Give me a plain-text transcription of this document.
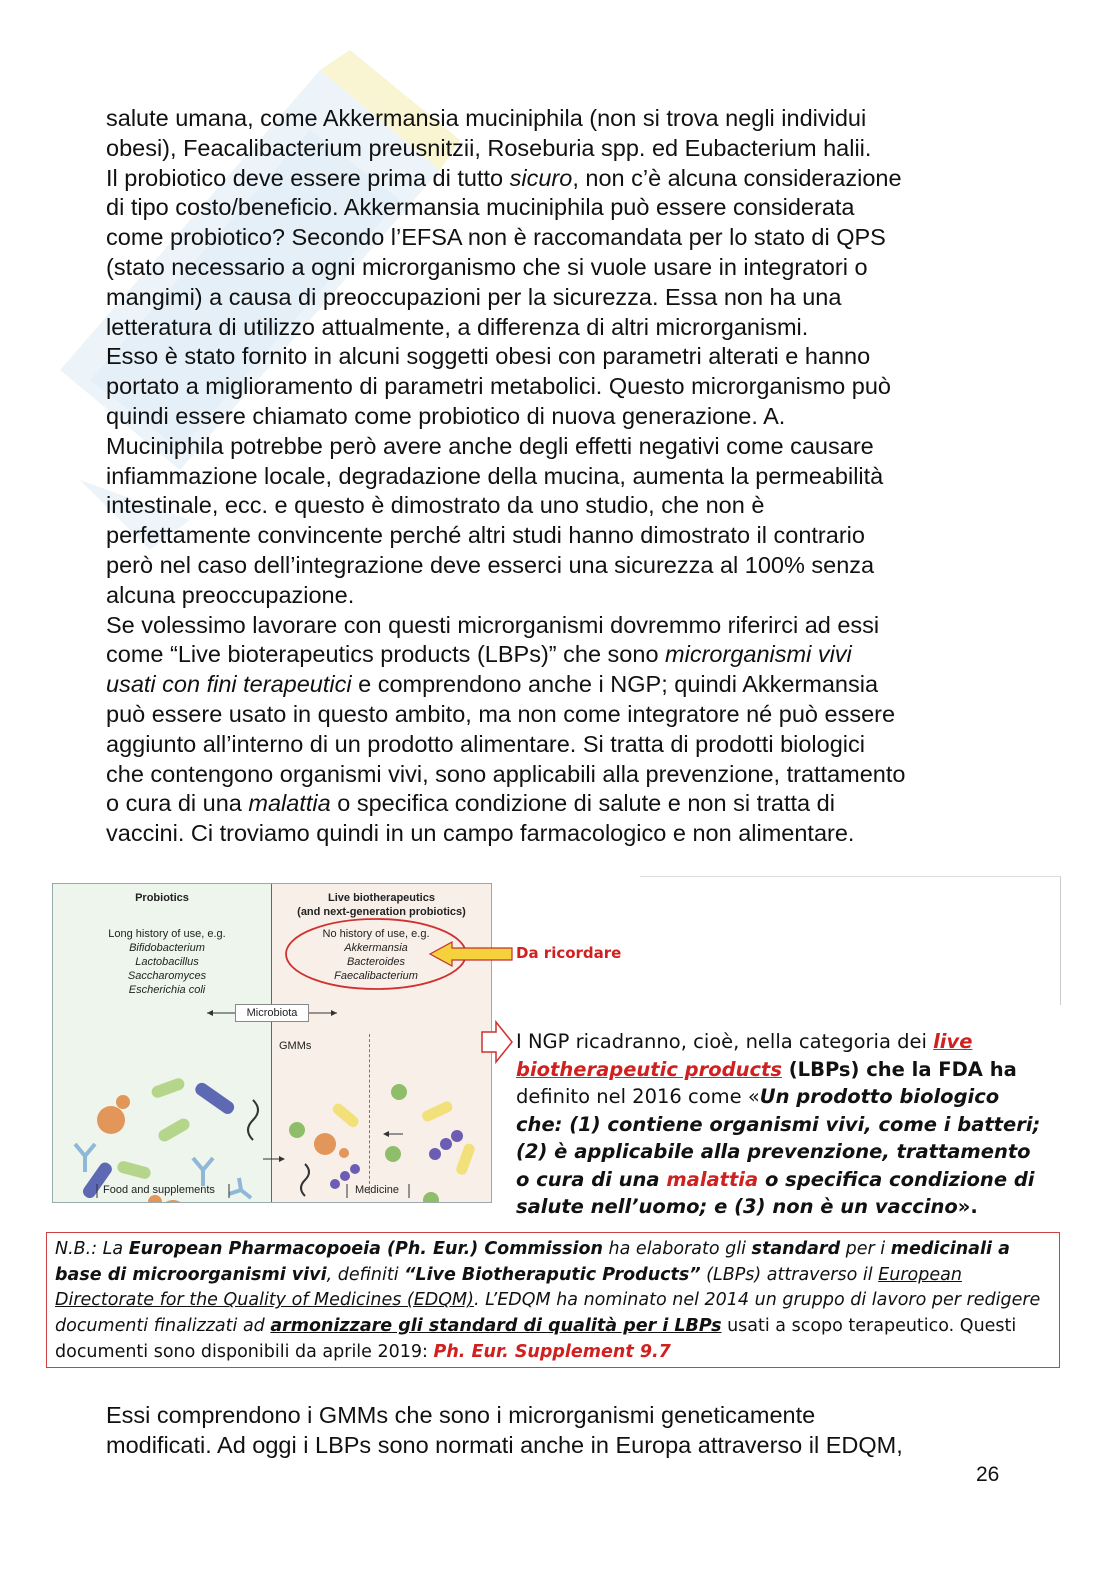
salute umana, come Akkermansia muciniphila (non si trova negli individui

obesi), Feacalibacterium preusnitzii, Roseburia spp. ed Eubacterium halii.

Il probiotico deve essere prima di tutto sicuro, non c’è alcuna considerazione

di tipo costo/beneficio. Akkermansia muciniphila può essere considerata

come probiotico? Secondo l’EFSA non è raccomandata per lo stato di QPS

(stato necessario a ogni microrganismo che si vuole usare in integratori o

mangimi) a causa di preoccupazioni per la sicurezza. Essa non ha una

letteratura di utilizzo attualmente, a differenza di altri microrganismi.

Esso è stato fornito in alcuni soggetti obesi con parametri alterati e hanno

portato a miglioramento di parametri metabolici. Questo microrganismo può

quindi essere chiamato come probiotico di nuova generazione. A.

Muciniphila potrebbe però avere anche degli effetti negativi come causare

infiammazione locale, degradazione della mucina, aumenta la permeabilità

intestinale, ecc. e questo è dimostrato da uno studio, che non è

perfettamente convincente perché altri studi hanno dimostrato il contrario

però nel caso dell’integrazione deve esserci una sicurezza al 100% senza

alcuna preoccupazione.

Se volessimo lavorare con questi microrganismi dovremmo riferirci ad essi

come “Live bioterapeutics products (LBPs)” che sono microrganismi vivi

usati con fini terapeutici e comprendono anche i NGP; quindi Akkermansia

può essere usato in questo ambito, ma non come integratore né può essere

aggiunto all’interno di un prodotto alimentare. Si tratta di prodotti biologici

che contengono organismi vivi, sono applicabili alla prevenzione, trattamento

o cura di una malattia o specifica condizione di salute e non si tratta di

vaccini. Ci troviamo quindi in un campo farmacologico e non alimentare.

Probiotics	Live biotherapeutics
(and next-generation probiotics)
Long history of use, e.g.
Bifidobacterium
Lactobacillus
Saccharomyces
Escherichia coli
No history of use, e.g.
Akkermansia
Bacteroides
Faecalibacterium
Microbiota
GMMs
Food and supplements	Medicine
Da ricordare
I NGP ricadranno, cioè, nella categoria dei live
biotherapeutic products (LBPs) che la FDA ha
definito nel 2016 come «Un prodotto biologico
che: (1) contiene organismi vivi, come i batteri;
(2) è applicabile alla prevenzione, trattamento
o cura di una malattia o specifica condizione di
salute nell’uomo; e (3) non è un vaccino».
N.B.: La European Pharmacopoeia (Ph. Eur.) Commission ha elaborato gli standard per i medicinali a base di microorganismi vivi, definiti “Live Biotheraputic Products” (LBPs) attraverso il European Directorate for the Quality of Medicines (EDQM). L’EDQM ha nominato nel 2014 un gruppo di lavoro per redigere documenti finalizzati ad armonizzare gli standard di qualità per i LBPs usati a scopo terapeutico. Questi documenti sono disponibili da aprile 2019: Ph. Eur. Supplement 9.7

Essi comprendono i GMMs che sono i microrganismi geneticamente

modificati. Ad oggi i LBPs sono normati anche in Europa attraverso il EDQM,

26
